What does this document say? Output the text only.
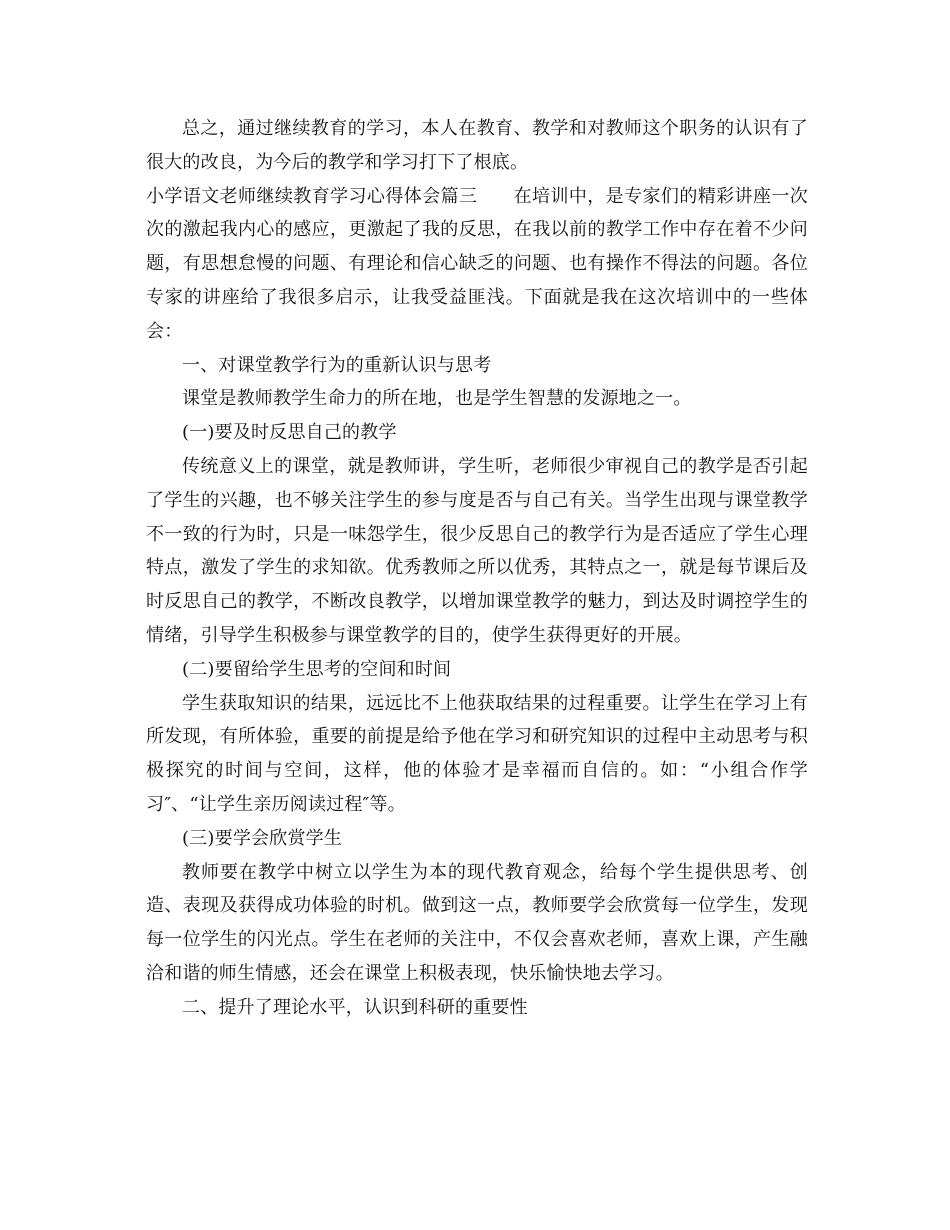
总之，通过继续教育的学习，本人在教育、教学和对教师这个职务的认识有了很大的改良，为今后的教学和学习打下了根底。

小学语文老师继续教育学习心得体会篇三 在培训中，是专家们的精彩讲座一次次的激起我内心的感应，更激起了我的反思，在我以前的教学工作中存在着不少问题，有思想怠慢的问题、有理论和信心缺乏的问题、也有操作不得法的问题。各位专家的讲座给了我很多启示，让我受益匪浅。下面就是我在这次培训中的一些体会：

一、对课堂教学行为的重新认识与思考

课堂是教师教学生命力的所在地，也是学生智慧的发源地之一。

(一)要及时反思自己的教学

传统意义上的课堂，就是教师讲，学生听，老师很少审视自己的教学是否引起了学生的兴趣，也不够关注学生的参与度是否与自己有关。当学生出现与课堂教学不一致的行为时，只是一味怨学生，很少反思自己的教学行为是否适应了学生心理特点，激发了学生的求知欲。优秀教师之所以优秀，其特点之一，就是每节课后及时反思自己的教学，不断改良教学，以增加课堂教学的魅力，到达及时调控学生的情绪，引导学生积极参与课堂教学的目的，使学生获得更好的开展。

(二)要留给学生思考的空间和时间

学生获取知识的结果，远远比不上他获取结果的过程重要。让学生在学习上有所发现，有所体验，重要的前提是给予他在学习和研究知识的过程中主动思考与积极探究的时间与空间，这样，他的体验才是幸福而自信的。如：“小组合作学习″、“让学生亲历阅读过程″等。

(三)要学会欣赏学生

教师要在教学中树立以学生为本的现代教育观念，给每个学生提供思考、创造、表现及获得成功体验的时机。做到这一点，教师要学会欣赏每一位学生，发现每一位学生的闪光点。学生在老师的关注中，不仅会喜欢老师，喜欢上课，产生融洽和谐的师生情感，还会在课堂上积极表现，快乐愉快地去学习。

二、提升了理论水平，认识到科研的重要性
